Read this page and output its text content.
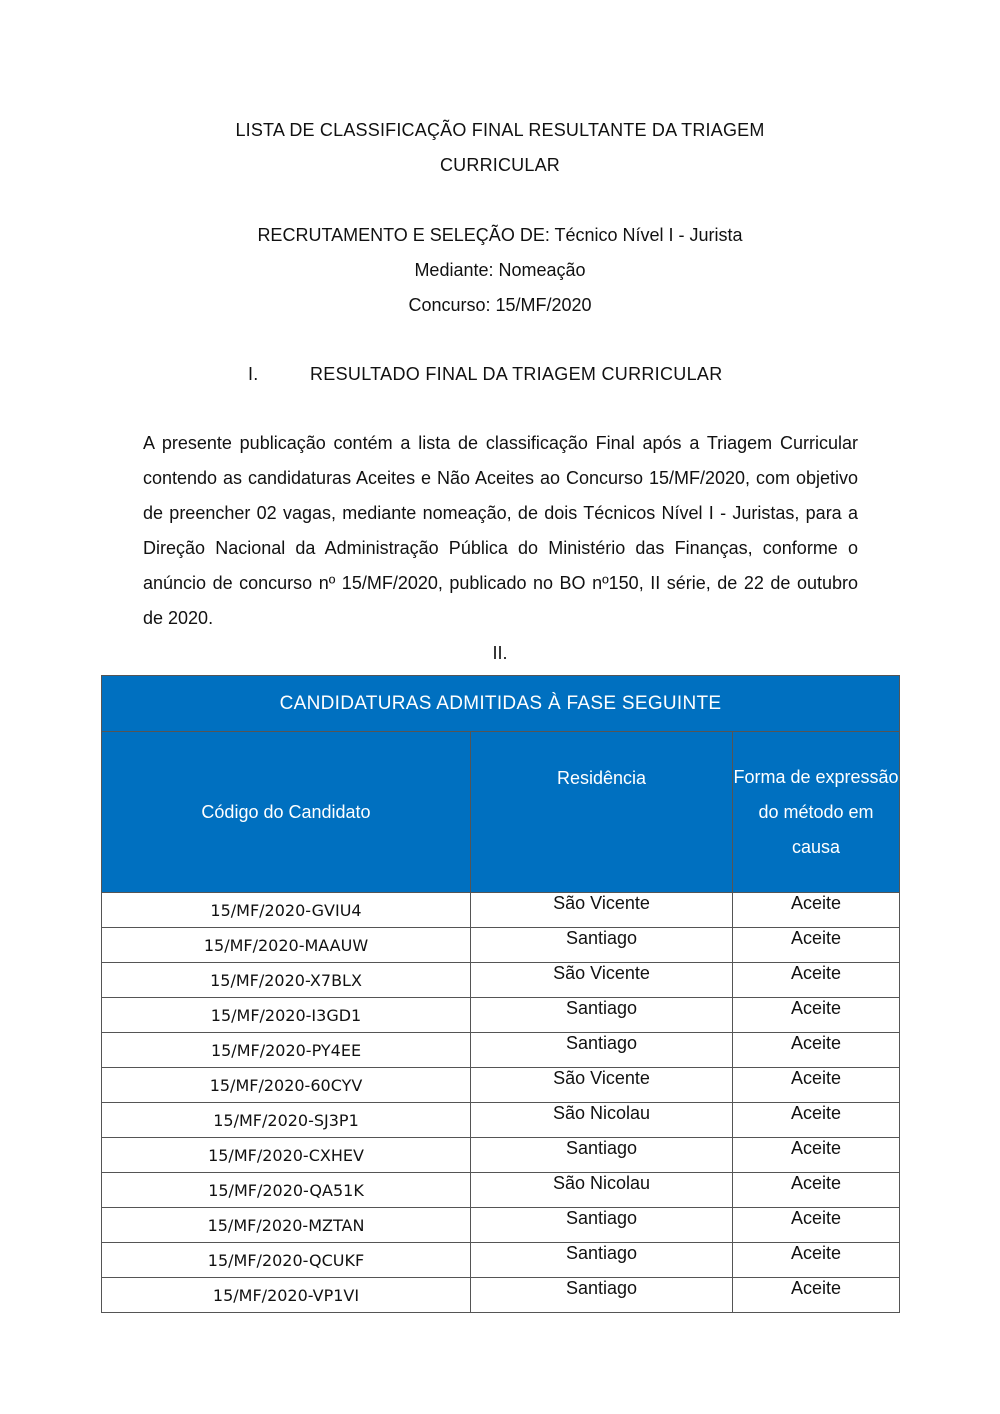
LISTA DE CLASSIFICAÇÃO FINAL RESULTANTE DA TRIAGEM
CURRICULAR
RECRUTAMENTO E SELEÇÃO DE: Técnico Nível I - Jurista
Mediante: Nomeação
Concurso: 15/MF/2020
I.	RESULTADO FINAL DA TRIAGEM CURRICULAR
A presente publicação contém a lista de classificação Final após a Triagem Curricular contendo as candidaturas Aceites e Não Aceites ao Concurso 15/MF/2020, com objetivo de preencher 02 vagas, mediante nomeação, de dois Técnicos Nível I - Juristas, para a Direção Nacional da Administração Pública do Ministério das Finanças, conforme o anúncio de concurso nº 15/MF/2020, publicado no BO nº150, II série, de 22 de outubro de 2020.
II.
CANDIDATURAS ADMITIDAS À FASE SEGUINTE		
Código do Candidato	Residência	Forma de expressão do método em causa
15/MF/2020-GVIU4	São Vicente	Aceite
15/MF/2020-MAAUW	Santiago	Aceite
15/MF/2020-X7BLX	São Vicente	Aceite
15/MF/2020-I3GD1	Santiago	Aceite
15/MF/2020-PY4EE	Santiago	Aceite
15/MF/2020-60CYV	São Vicente	Aceite
15/MF/2020-SJ3P1	São Nicolau	Aceite
15/MF/2020-CXHEV	Santiago	Aceite
15/MF/2020-QA51K	São Nicolau	Aceite
15/MF/2020-MZTAN	Santiago	Aceite
15/MF/2020-QCUKF	Santiago	Aceite
15/MF/2020-VP1VI	Santiago	Aceite
